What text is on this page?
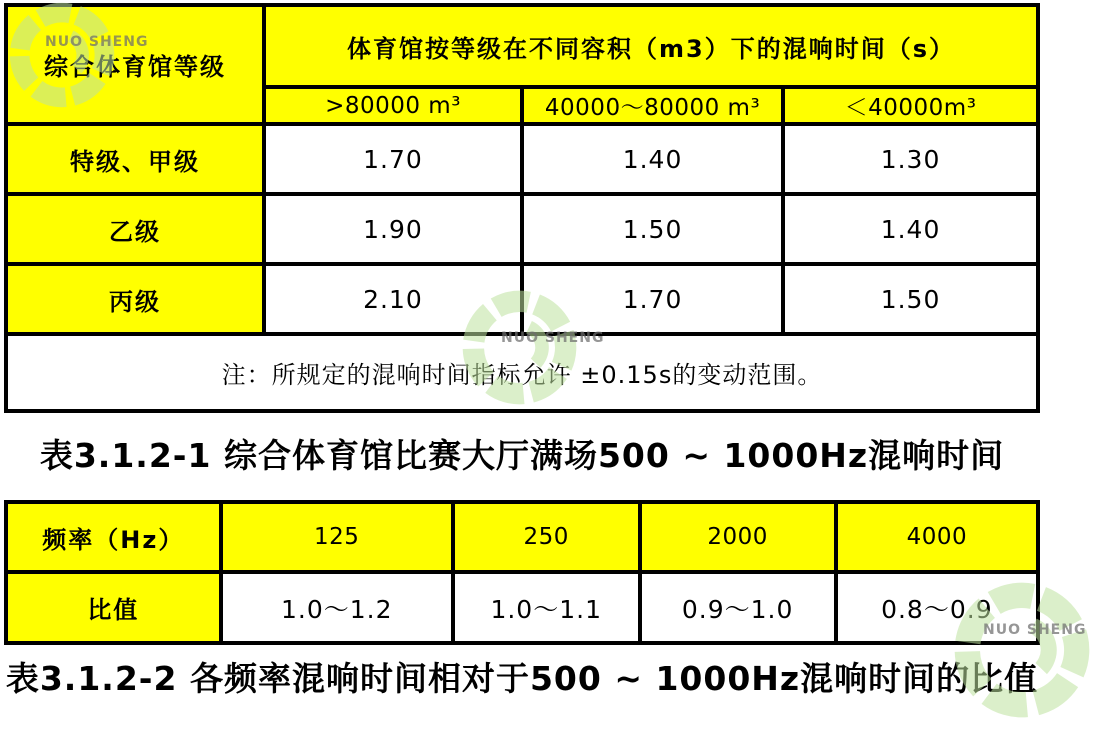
综合体育馆等级	体育馆按等级在不同容积（m3）下的混响时间（s）		
	>80000 m³	40000～80000 m³	＜40000m³
特级、甲级	1.70	1.40	1.30
乙级	1.90	1.50	1.40
丙级	2.10	1.70	1.50
注：所规定的混响时间指标允许 ±0.15s的变动范围。			
表3.1.2-1 综合体育馆比赛大厅满场500 ~ 1000Hz混响时间
频率（Hz）	125	250	2000	4000
比值	1.0～1.2	1.0～1.1	0.9～1.0	0.8～0.9
表3.1.2-2 各频率混响时间相对于500 ~ 1000Hz混响时间的比值
NUO SHENG
NUO SHENG
NUO SHENG
